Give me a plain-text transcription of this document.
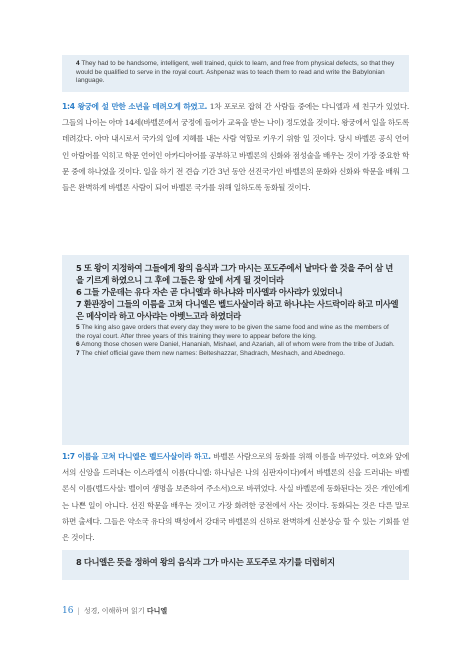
4 They had to be handsome, intelligent, well trained, quick to learn, and free from physical defects, so that they would be qualified to serve in the royal court. Ashpenaz was to teach them to read and write the Babylonian language.

1:4 왕궁에 설 만한 소년을 데려오게 하였고. 1차 포로로 잡혀 간 사람들 중에는 다니엘과 세 친구가 있었다. 그들의 나이는 아마 14세(바벨론에서 궁정에 들어가 교육을 받는 나이) 정도였을 것이다. 왕궁에서 일을 하도록 데려갔다. 아마 내시로서 국가의 일에 지혜를 내는 사람 역할로 키우기 위함 일 것이다. 당시 바벨론 공식 언어인 아람어를 익히고 학문 언어인 아카디아어를 공부하고 바벨론의 신화와 점성술을 배우는 것이 가장 중요한 학문 중에 하나였을 것이다. 일을 하기 전 견습 기간 3년 동안 선진국가인 바벨론의 문화와 신화와 학문을 배워 그들은 완벽하게 바벨론 사람이 되어 바벨론 국가를 위해 일하도록 동화될 것이다.

5 또 왕이 지정하여 그들에게 왕의 음식과 그가 마시는 포도주에서 날마다 쓸 것을 주어 삼 년을 기르게 하였으니 그 후에 그들은 왕 앞에 서게 될 것이더라

6 그들 가운데는 유다 자손 곧 다니엘과 하나냐와 미사엘과 아사랴가 있었더니

7 환관장이 그들의 이름을 고쳐 다니엘은 벨드사살이라 하고 하나냐는 사드락이라 하고 미사엘은 메삭이라 하고 아사랴는 아벳느고라 하였더라

5 The king also gave orders that every day they were to be given the same food and wine as the members of the royal court. After three years of this training they were to appear before the king.

6 Among those chosen were Daniel, Hananiah, Mishael, and Azariah, all of whom were from the tribe of Judah.

7 The chief official gave them new names: Belteshazzar, Shadrach, Meshach, and Abednego.

1:7 이름을 고쳐 다니엘은 벨드사살이라 하고. 바벨론 사람으로의 동화를 위해 이름을 바꾸었다. 여호와 앞에서의 신앙을 드러내는 이스라엘식 이름(다니엘: 하나님은 나의 심판자이다)에서 바벨론의 신을 드러내는 바벨론식 이름(벨드사살: 벨이여 생명을 보존하여 주소서)으로 바뀌었다. 사실 바벨론에 동화된다는 것은 개인에게는 나쁜 일이 아니다. 선진 학문을 배우는 것이고 가장 화려한 궁전에서 사는 것이다. 동화되는 것은 다른 말로 하면 출세다. 그들은 약소국 유다의 백성에서 강대국 바벨론의 신하로 완벽하게 신분상승 할 수 있는 기회를 얻은 것이다.

8 다니엘은 뜻을 정하여 왕의 음식과 그가 마시는 포도주로 자기를 더럽히지

16 | 성경, 이해하며 읽기 다니엘
